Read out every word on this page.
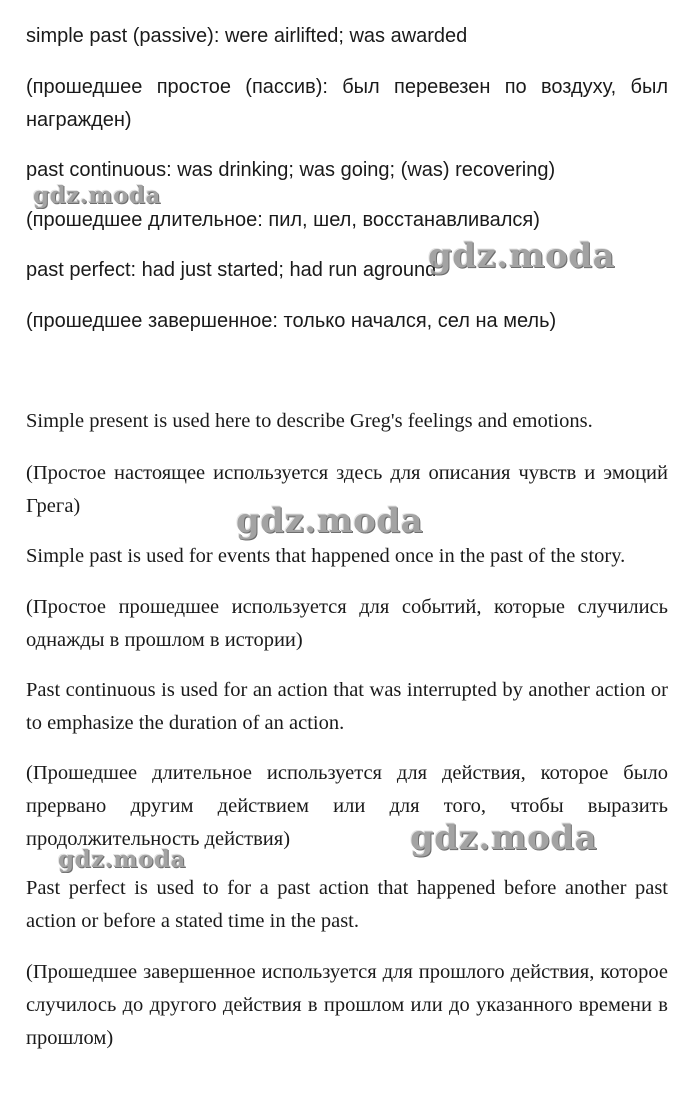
simple past (passive): were airlifted; was awarded

(прошедшее простое (пассив): был перевезен по воздуху, был награжден)

past continuous: was drinking; was going; (was) recovering)

(прошедшее длительное: пил, шел, восстанавливался)

past perfect: had just started; had run aground

(прошедшее завершенное: только начался, сел на мель)

Simple present is used here to describe Greg's feelings and emotions.

(Простое настоящее используется здесь для описания чувств и эмоций Грега)

Simple past is used for events that happened once in the past of the story.

(Простое прошедшее используется для событий, которые случились однажды в прошлом в истории)

Past continuous is used for an action that was interrupted by another action or to emphasize the duration of an action.

(Прошедшее длительное используется для действия, которое было прервано другим действием или для того, чтобы выразить продолжительность действия)

Past perfect is used to for a past action that happened before another past action or before a stated time in the past.

(Прошедшее завершенное используется для прошлого действия, которое случилось до другого действия в прошлом или до указанного времени в прошлом)

gdz.moda
gdz.moda
gdz.moda
gdz.moda
gdz.moda
